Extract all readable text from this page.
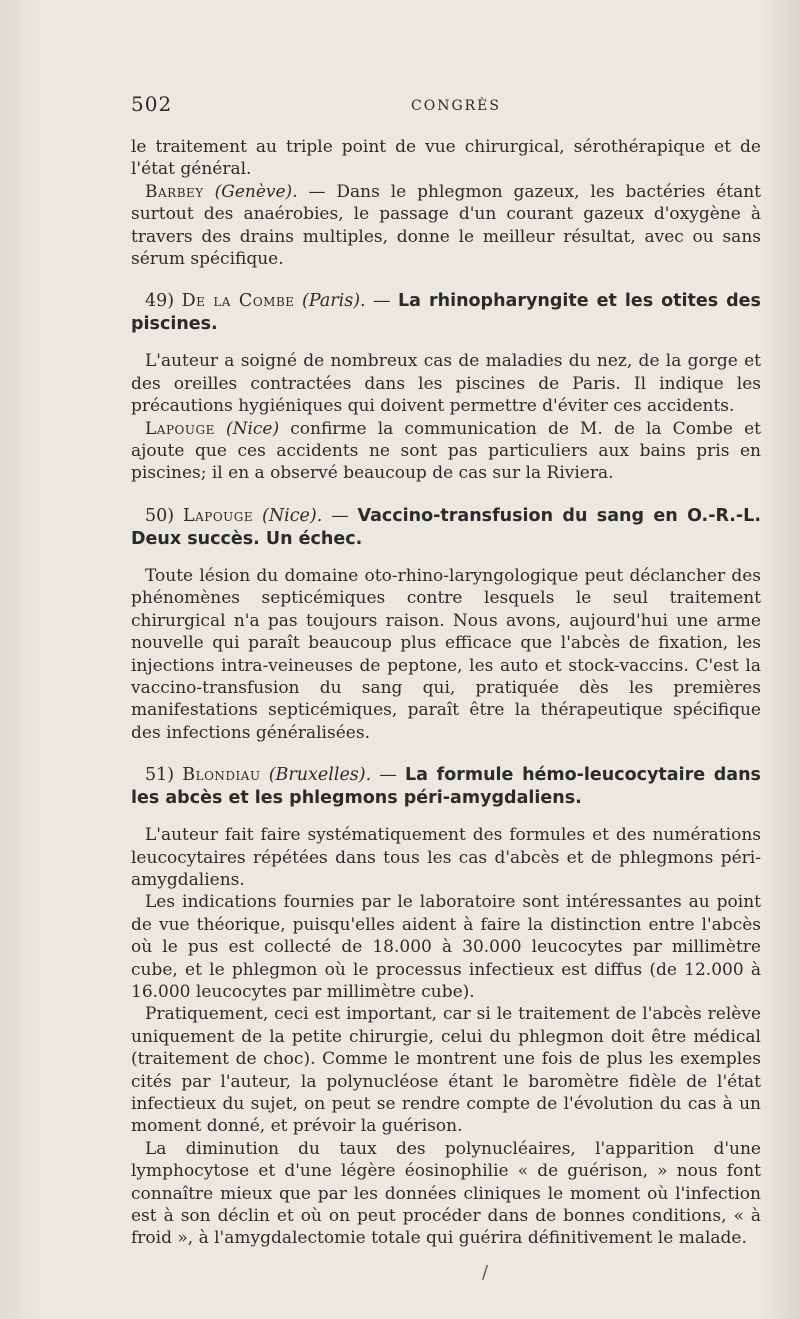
502	CONGRÈS

le traitement au triple point de vue chirurgical, sérothérapique et de l'état général.

Barbey (Genève). — Dans le phlegmon gazeux, les bactéries étant surtout des anaérobies, le passage d'un courant gazeux d'oxygène à travers des drains multiples, donne le meilleur résultat, avec ou sans sérum spécifique.

49) De la Combe (Paris). — La rhinopharyngite et les otites des piscines.

L'auteur a soigné de nombreux cas de maladies du nez, de la gorge et des oreilles contractées dans les piscines de Paris. Il indique les précautions hygiéniques qui doivent permettre d'éviter ces accidents.

Lapouge (Nice) confirme la communication de M. de la Combe et ajoute que ces accidents ne sont pas particuliers aux bains pris en piscines; il en a observé beaucoup de cas sur la Riviera.

50) Lapouge (Nice). — Vaccino-transfusion du sang en O.-R.-L. Deux succès. Un échec.

Toute lésion du domaine oto-rhino-laryngologique peut déclancher des phénomènes septicémiques contre lesquels le seul traitement chirurgical n'a pas toujours raison. Nous avons, aujourd'hui une arme nouvelle qui paraît beaucoup plus efficace que l'abcès de fixation, les injections intra-veineuses de peptone, les auto et stock-vaccins. C'est la vaccino-transfusion du sang qui, pratiquée dès les premières manifestations septicémiques, paraît être la thérapeutique spécifique des infections généralisées.

51) Blondiau (Bruxelles). — La formule hémo-leucocytaire dans les abcès et les phlegmons péri-amygdaliens.

L'auteur fait faire systématiquement des formules et des numérations leucocytaires répétées dans tous les cas d'abcès et de phlegmons péri-amygdaliens.

Les indications fournies par le laboratoire sont intéressantes au point de vue théorique, puisqu'elles aident à faire la distinction entre l'abcès où le pus est collecté de 18.000 à 30.000 leucocytes par millimètre cube, et le phlegmon où le processus infectieux est diffus (de 12.000 à 16.000 leucocytes par millimètre cube).

Pratiquement, ceci est important, car si le traitement de l'abcès relève uniquement de la petite chirurgie, celui du phlegmon doit être médical (traitement de choc). Comme le montrent une fois de plus les exemples cités par l'auteur, la polynucléose étant le baromètre fidèle de l'état infectieux du sujet, on peut se rendre compte de l'évolution du cas à un moment donné, et prévoir la guérison.

La diminution du taux des polynucléaires, l'apparition d'une lymphocytose et d'une légère éosinophilie « de guérison, » nous font connaître mieux que par les données cliniques le moment où l'infection est à son déclin et où on peut procéder dans de bonnes conditions, « à froid », à l'amygdalectomie totale qui guérira définitivement le malade.

/
